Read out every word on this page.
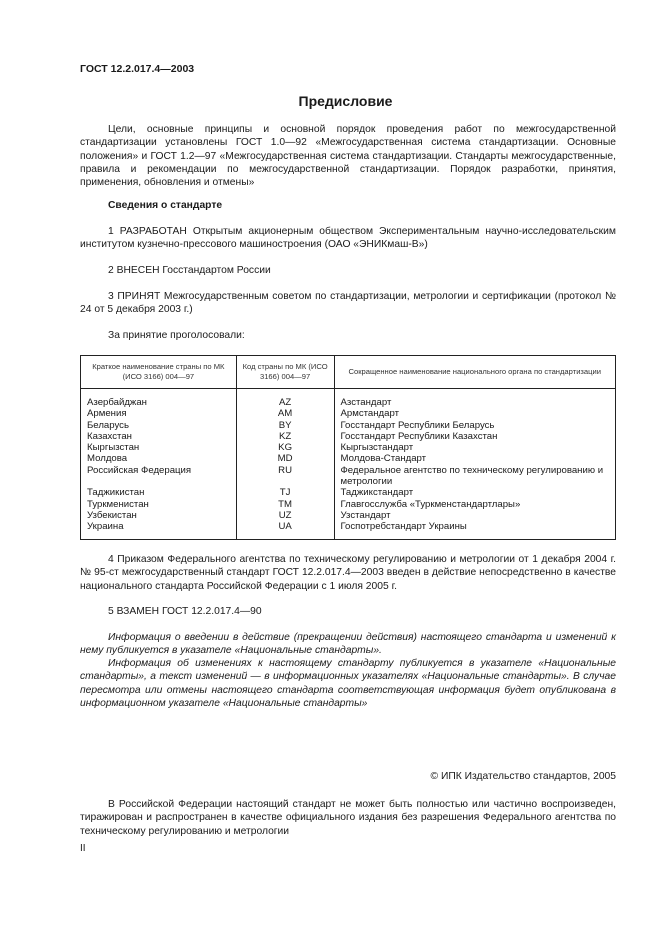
ГОСТ 12.2.017.4—2003
Предисловие
Цели, основные принципы и основной порядок проведения работ по межгосударственной стандартизации установлены ГОСТ 1.0—92 «Межгосударственная система стандартизации. Основные положения» и ГОСТ 1.2—97 «Межгосударственная система стандартизации. Стандарты межгосударственные, правила и рекомендации по межгосударственной стандартизации. Порядок разработки, принятия, применения, обновления и отмены»
Сведения о стандарте
1 РАЗРАБОТАН Открытым акционерным обществом Экспериментальным научно-исследовательским институтом кузнечно-прессового машиностроения (ОАО «ЭНИКмаш-В»)
2 ВНЕСЕН Госстандартом России
3 ПРИНЯТ Межгосударственным советом по стандартизации, метрологии и сертификации (протокол № 24 от 5 декабря 2003 г.)
За принятие проголосовали:
Краткое наименование страны по МК (ИСО 3166) 004—97	Код страны по МК (ИСО 3166) 004—97	Сокращенное наименование национального органа по стандартизации
Азербайджан	AZ	Азстандарт
Армения	AM	Армстандарт
Беларусь	BY	Госстандарт Республики Беларусь
Казахстан	KZ	Госстандарт Республики Казахстан
Кыргызстан	KG	Кыргызстандарт
Молдова	MD	Молдова-Стандарт
Российская Федерация	RU	Федеральное агентство по техническому регулированию и метрологии
Таджикистан	TJ	Таджикстандарт
Туркменистан	TM	Главгосслужба «Туркменстандартлары»
Узбекистан	UZ	Узстандарт
Украина	UA	Госпотребстандарт Украины
4 Приказом Федерального агентства по техническому регулированию и метрологии от 1 декабря 2004 г. № 95-ст межгосударственный стандарт ГОСТ 12.2.017.4—2003 введен в действие непосредственно в качестве национального стандарта Российской Федерации с 1 июля 2005 г.
5 ВЗАМЕН ГОСТ 12.2.017.4—90
Информация о введении в действие (прекращении действия) настоящего стандарта и изменений к нему публикуется в указателе «Национальные стандарты».
Информация об изменениях к настоящему стандарту публикуется в указателе «Национальные стандарты», а текст изменений — в информационных указателях «Национальные стандарты». В случае пересмотра или отмены настоящего стандарта соответствующая информация будет опубликована в информационном указателе «Национальные стандарты»
© ИПК Издательство стандартов, 2005
В Российской Федерации настоящий стандарт не может быть полностью или частично воспроизведен, тиражирован и распространен в качестве официального издания без разрешения Федерального агентства по техническому регулированию и метрологии
II
